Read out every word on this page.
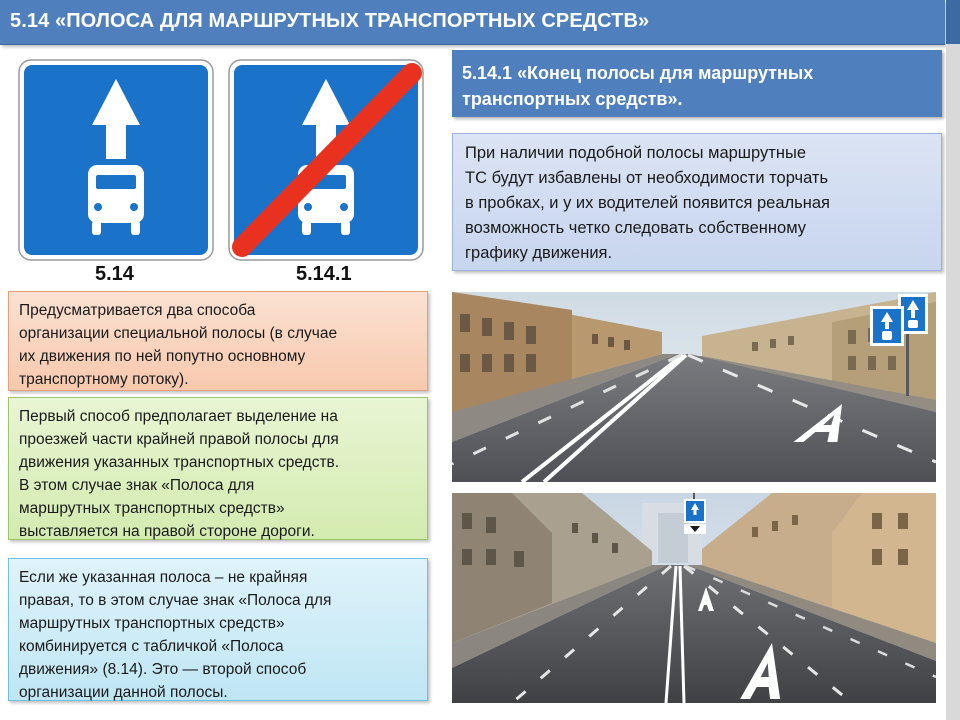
5.14 «ПОЛОСА ДЛЯ МАРШРУТНЫХ ТРАНСПОРТНЫХ СРЕДСТВ»
5.14	5.14.1
5.14.1 «Конец полосы для маршрутных
транспортных средств».

При наличии подобной полосы маршрутные

ТС будут избавлены от необходимости торчать

в пробках, и у их водителей появится реальная

возможность четко следовать собственному

графику движения.

Предусматривается два способа

организации специальной полосы (в случае

их движения по ней попутно основному

транспортному потоку).

Первый способ предполагает выделение на

проезжей части крайней правой полосы для

движения указанных транспортных средств.

В этом случае знак «Полоса для

маршрутных транспортных средств»

выставляется на правой стороне дороги.

Если же указанная полоса – не крайняя

правая, то в этом случае знак «Полоса для

маршрутных транспортных средств»

комбинируется с табличкой «Полоса

движения» (8.14). Это — второй способ

организации данной полосы.
